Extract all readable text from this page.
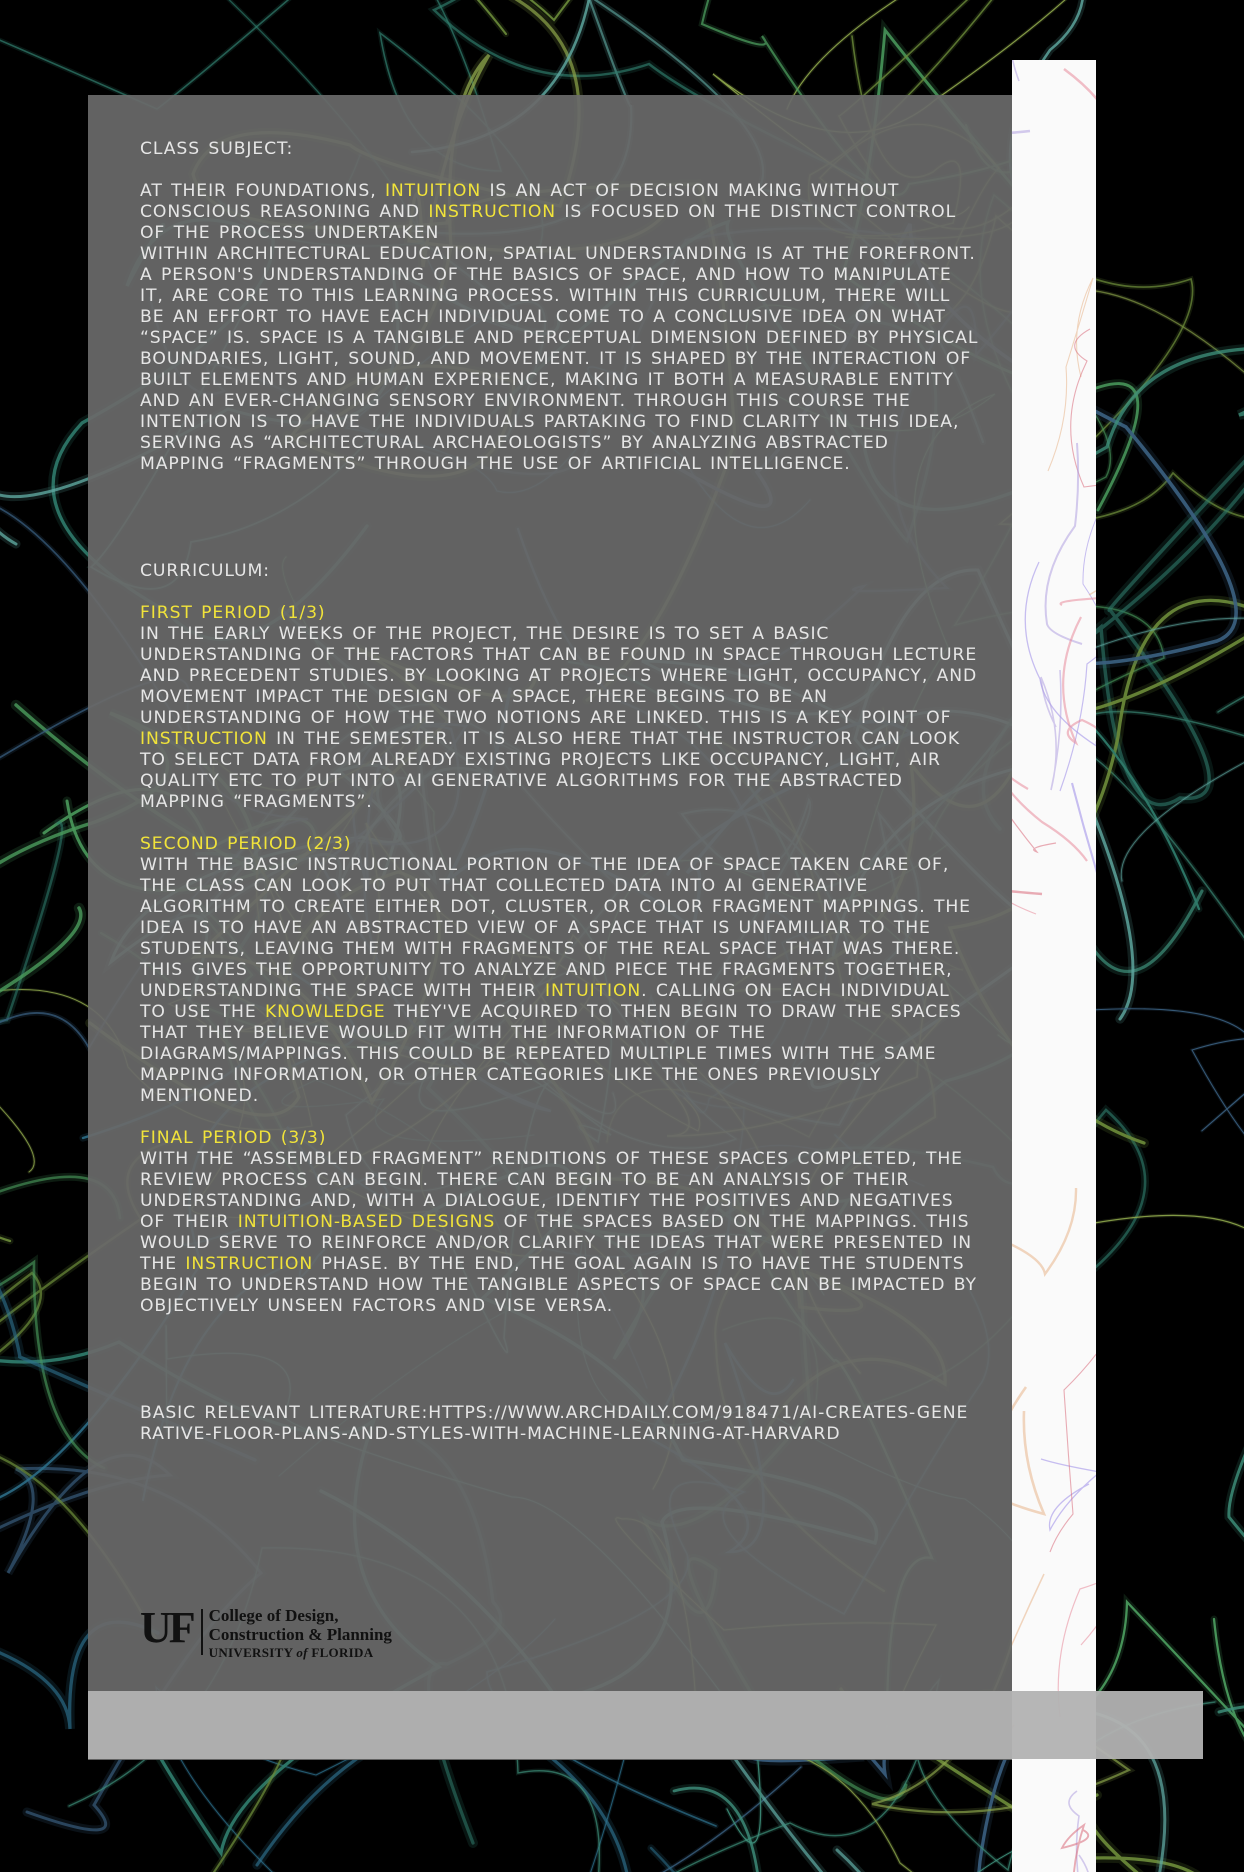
CLASS SUBJECT:

AT THEIR FOUNDATIONS, INTUITION IS AN ACT OF DECISION MAKING WITHOUT CONSCIOUS REASONING AND INSTRUCTION IS FOCUSED ON THE DISTINCT CONTROL OF THE PROCESS UNDERTAKEN

WITHIN ARCHITECTURAL EDUCATION, SPATIAL UNDERSTANDING IS AT THE FOREFRONT. A PERSON'S UNDERSTANDING OF THE BASICS OF SPACE, AND HOW TO MANIPULATE IT, ARE CORE TO THIS LEARNING PROCESS. WITHIN THIS CURRICULUM, THERE WILL BE AN EFFORT TO HAVE EACH INDIVIDUAL COME TO A CONCLUSIVE IDEA ON WHAT “SPACE” IS. SPACE IS A TANGIBLE AND PERCEPTUAL DIMENSION DEFINED BY PHYSICAL BOUNDARIES, LIGHT, SOUND, AND MOVEMENT. IT IS SHAPED BY THE INTERACTION OF BUILT ELEMENTS AND HUMAN EXPERIENCE, MAKING IT BOTH A MEASURABLE ENTITY AND AN EVER-CHANGING SENSORY ENVIRONMENT. THROUGH THIS COURSE THE INTENTION IS TO HAVE THE INDIVIDUALS PARTAKING TO FIND CLARITY IN THIS IDEA, SERVING AS “ARCHITECTURAL ARCHAEOLOGISTS” BY ANALYZING ABSTRACTED MAPPING “FRAGMENTS” THROUGH THE USE OF ARTIFICIAL INTELLIGENCE.

CURRICULUM:

FIRST PERIOD (1/3)

IN THE EARLY WEEKS OF THE PROJECT, THE DESIRE IS TO SET A BASIC UNDERSTANDING OF THE FACTORS THAT CAN BE FOUND IN SPACE THROUGH LECTURE AND PRECEDENT STUDIES. BY LOOKING AT PROJECTS WHERE LIGHT, OCCUPANCY, AND MOVEMENT IMPACT THE DESIGN OF A SPACE, THERE BEGINS TO BE AN UNDERSTANDING OF HOW THE TWO NOTIONS ARE LINKED. THIS IS A KEY POINT OF INSTRUCTION IN THE SEMESTER. IT IS ALSO HERE THAT THE INSTRUCTOR CAN LOOK TO SELECT DATA FROM ALREADY EXISTING PROJECTS LIKE OCCUPANCY, LIGHT, AIR QUALITY ETC TO PUT INTO AI GENERATIVE ALGORITHMS FOR THE ABSTRACTED MAPPING “FRAGMENTS”.

SECOND PERIOD (2/3)

WITH THE BASIC INSTRUCTIONAL PORTION OF THE IDEA OF SPACE TAKEN CARE OF, THE CLASS CAN LOOK TO PUT THAT COLLECTED DATA INTO AI GENERATIVE ALGORITHM TO CREATE EITHER DOT, CLUSTER, OR COLOR FRAGMENT MAPPINGS. THE IDEA IS TO HAVE AN ABSTRACTED VIEW OF A SPACE THAT IS UNFAMILIAR TO THE STUDENTS, LEAVING THEM WITH FRAGMENTS OF THE REAL SPACE THAT WAS THERE. THIS GIVES THE OPPORTUNITY TO ANALYZE AND PIECE THE FRAGMENTS TOGETHER, UNDERSTANDING THE SPACE WITH THEIR INTUITION. CALLING ON EACH INDIVIDUAL TO USE THE KNOWLEDGE THEY'VE ACQUIRED TO THEN BEGIN TO DRAW THE SPACES THAT THEY BELIEVE WOULD FIT WITH THE INFORMATION OF THE DIAGRAMS/MAPPINGS. THIS COULD BE REPEATED MULTIPLE TIMES WITH THE SAME MAPPING INFORMATION, OR OTHER CATEGORIES LIKE THE ONES PREVIOUSLY MENTIONED.

FINAL PERIOD (3/3)

WITH THE “ASSEMBLED FRAGMENT” RENDITIONS OF THESE SPACES COMPLETED, THE REVIEW PROCESS CAN BEGIN. THERE CAN BEGIN TO BE AN ANALYSIS OF THEIR UNDERSTANDING AND, WITH A DIALOGUE, IDENTIFY THE POSITIVES AND NEGATIVES OF THEIR INTUITION-BASED DESIGNS OF THE SPACES BASED ON THE MAPPINGS. THIS WOULD SERVE TO REINFORCE AND/OR CLARIFY THE IDEAS THAT WERE PRESENTED IN THE INSTRUCTION PHASE. BY THE END, THE GOAL AGAIN IS TO HAVE THE STUDENTS BEGIN TO UNDERSTAND HOW THE TANGIBLE ASPECTS OF SPACE CAN BE IMPACTED BY OBJECTIVELY UNSEEN FACTORS AND VISE VERSA.

BASIC RELEVANT LITERATURE:HTTPS://WWW.ARCHDAILY.COM/918471/AI-CREATES-GENERATIVE-FLOOR-PLANS-AND-STYLES-WITH-MACHINE-LEARNING-AT-HARVARD

UF College of Design,
Construction & Planning
UNIVERSITY of FLORIDA
